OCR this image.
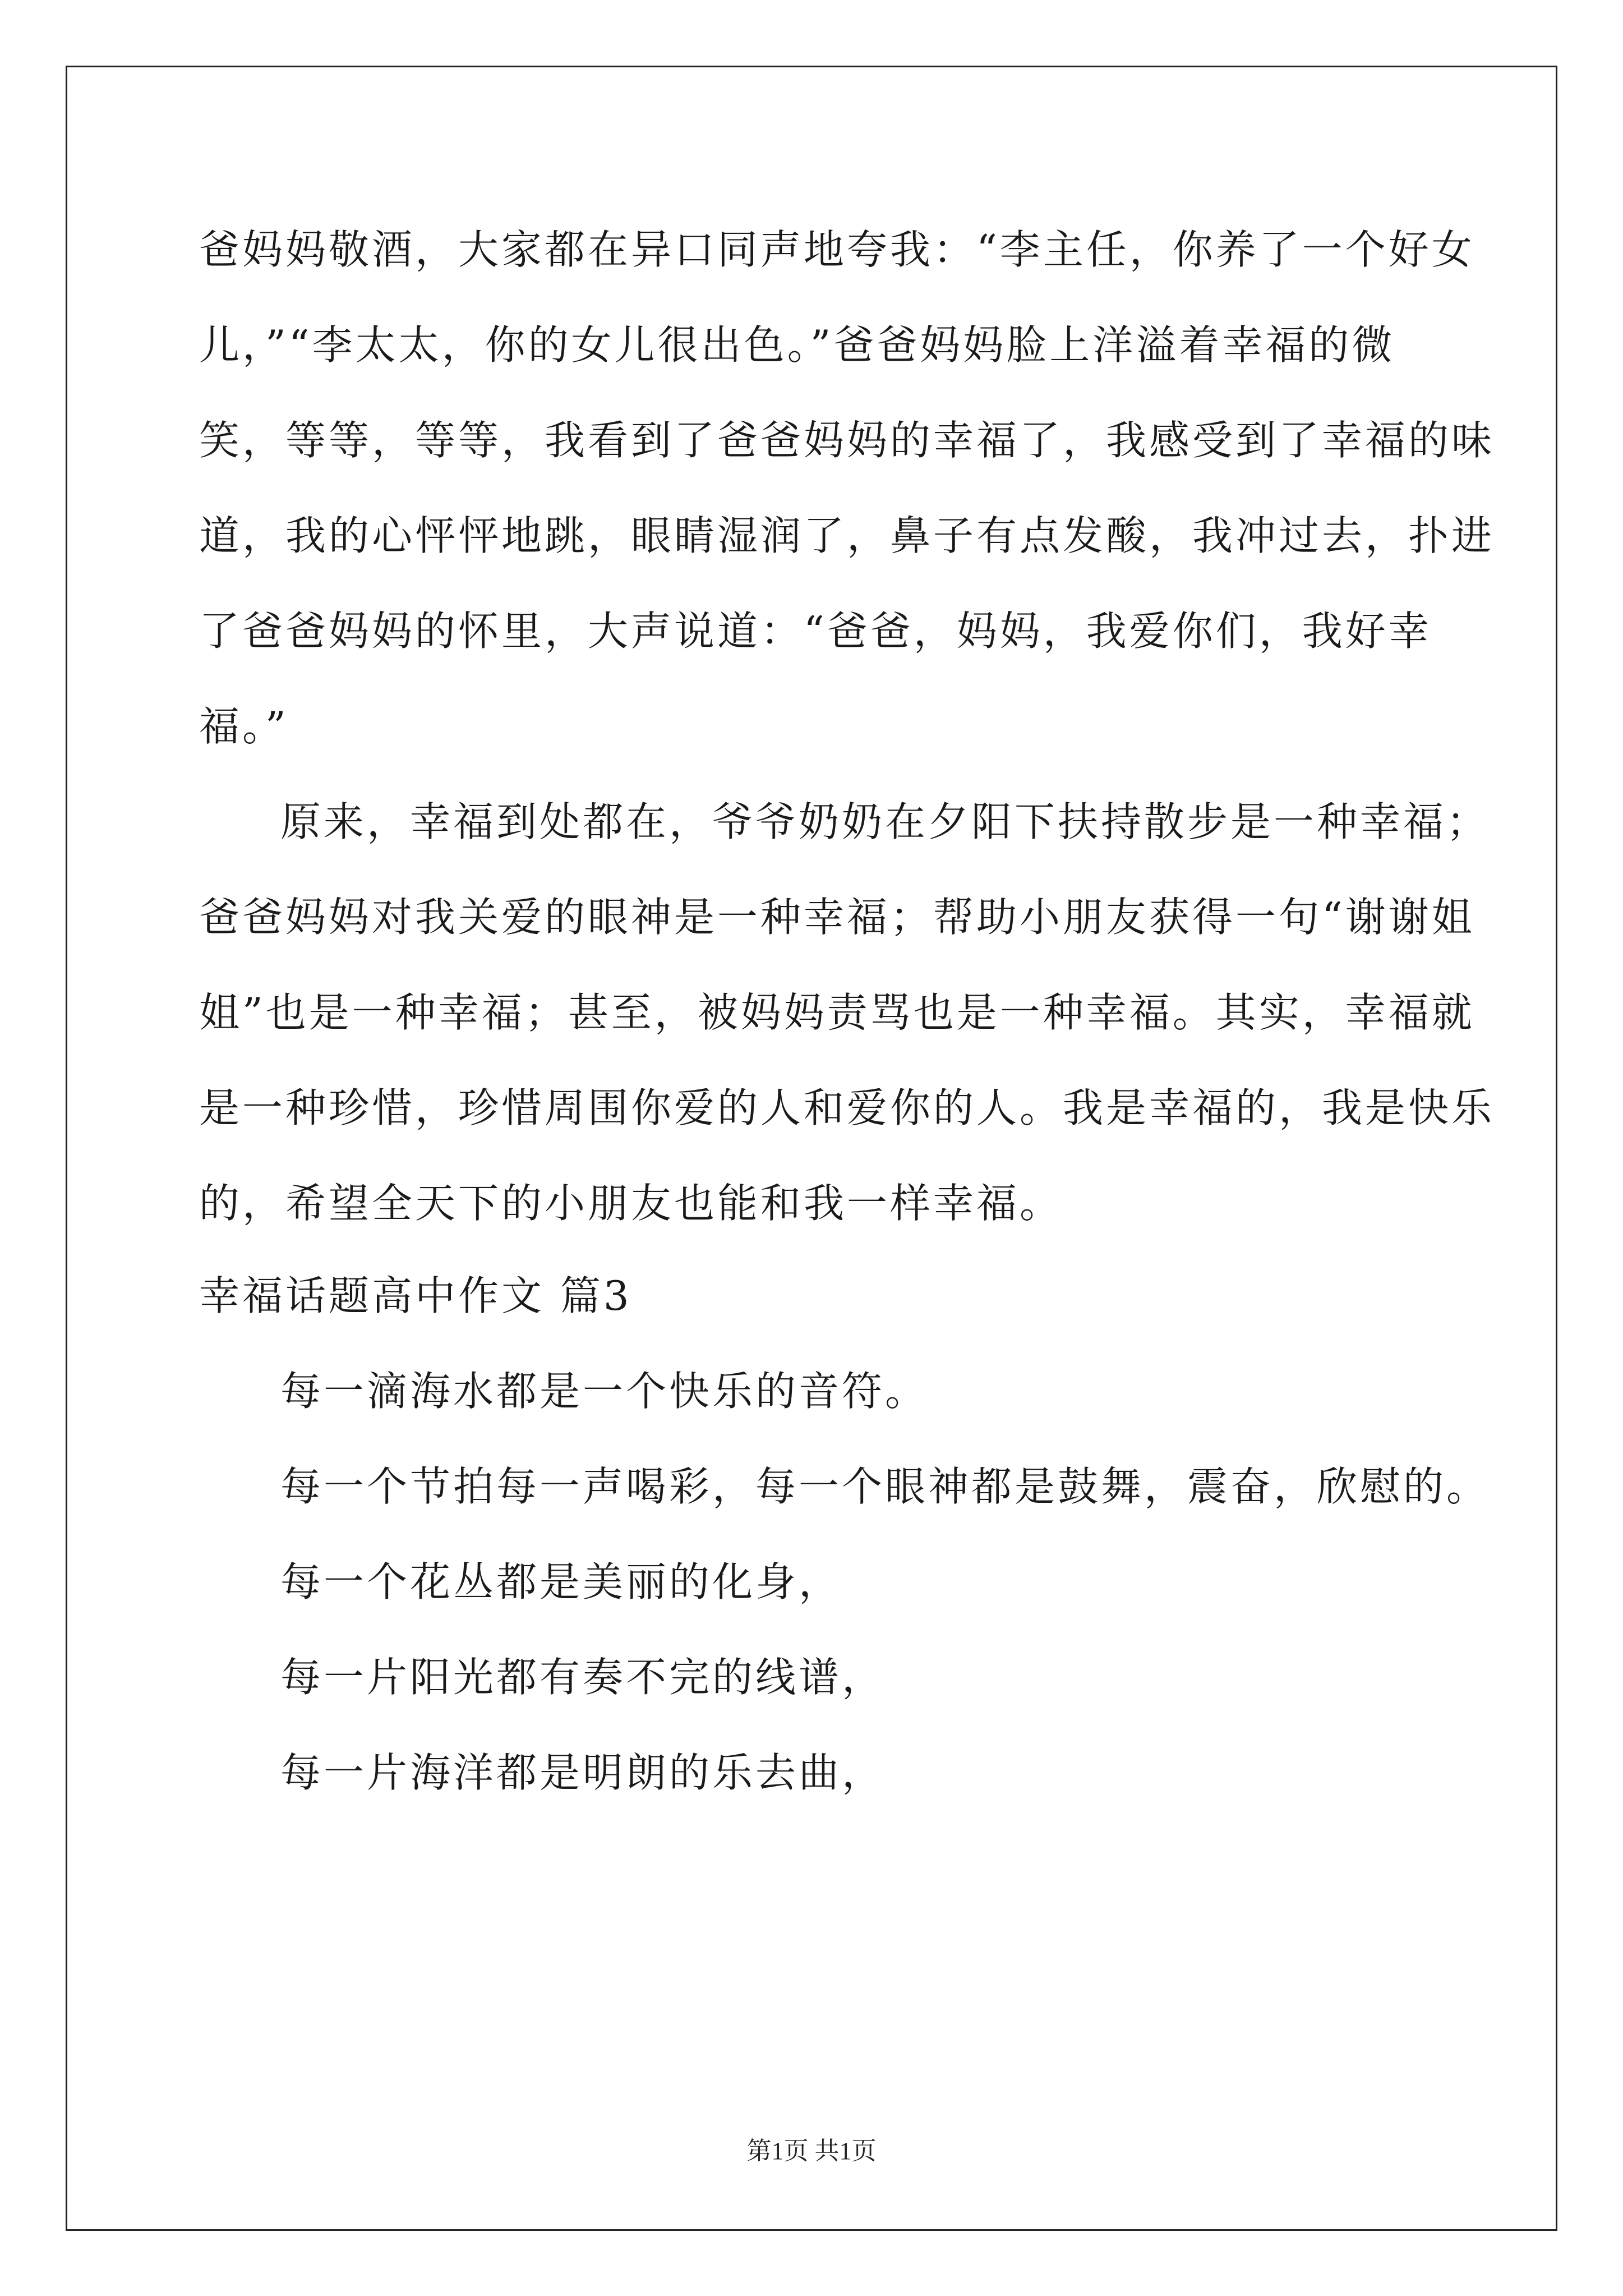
爸妈妈敬酒，大家都在异口同声地夸我：“李主任，你养了一个好女
儿，”“李太太，你的女儿很出色。”爸爸妈妈脸上洋溢着幸福的微
笑，等等，等等，我看到了爸爸妈妈的幸福了，我感受到了幸福的味
道，我的心怦怦地跳，眼睛湿润了，鼻子有点发酸，我冲过去，扑进
了爸爸妈妈的怀里，大声说道：“爸爸，妈妈，我爱你们，我好幸
福。”
原来，幸福到处都在，爷爷奶奶在夕阳下扶持散步是一种幸福；
爸爸妈妈对我关爱的眼神是一种幸福；帮助小朋友获得一句“谢谢姐
姐”也是一种幸福；甚至，被妈妈责骂也是一种幸福。其实，幸福就
是一种珍惜，珍惜周围你爱的人和爱你的人。我是幸福的，我是快乐
的，希望全天下的小朋友也能和我一样幸福。
幸福话题高中作文 篇3
每一滴海水都是一个快乐的音符。
每一个节拍每一声喝彩，每一个眼神都是鼓舞，震奋，欣慰的。
每一个花丛都是美丽的化身，
每一片阳光都有奏不完的线谱，
每一片海洋都是明朗的乐去曲，
第1页 共1页
